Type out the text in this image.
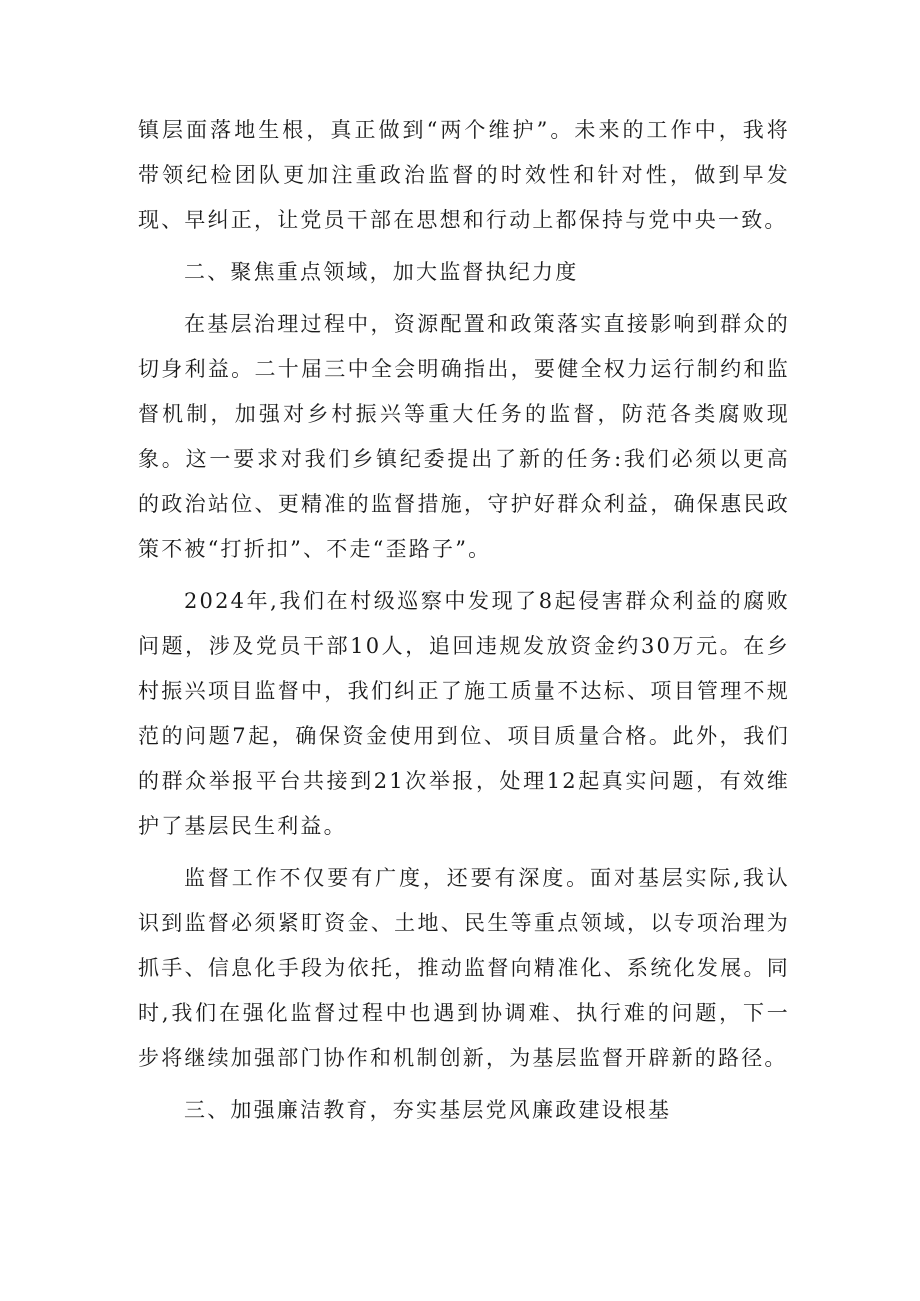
镇层面落地生根，真正做到“两个维护”。未来的工作中，我将带领纪检团队更加注重政治监督的时效性和针对性，做到早发现、早纠正，让党员干部在思想和行动上都保持与党中央一致。

二、聚焦重点领域，加大监督执纪力度

在基层治理过程中，资源配置和政策落实直接影响到群众的切身利益。二十届三中全会明确指出，要健全权力运行制约和监督机制，加强对乡村振兴等重大任务的监督，防范各类腐败现象。这一要求对我们乡镇纪委提出了新的任务:我们必须以更高的政治站位、更精准的监督措施，守护好群众利益，确保惠民政策不被“打折扣”、不走“歪路子”。

2024年,我们在村级巡察中发现了8起侵害群众利益的腐败问题，涉及党员干部10人，追回违规发放资金约30万元。在乡村振兴项目监督中，我们纠正了施工质量不达标、项目管理不规范的问题7起，确保资金使用到位、项目质量合格。此外，我们的群众举报平台共接到21次举报，处理12起真实问题，有效维护了基层民生利益。

监督工作不仅要有广度，还要有深度。面对基层实际,我认识到监督必须紧盯资金、土地、民生等重点领域，以专项治理为抓手、信息化手段为依托，推动监督向精准化、系统化发展。同时,我们在强化监督过程中也遇到协调难、执行难的问题，下一步将继续加强部门协作和机制创新，为基层监督开辟新的路径。

三、加强廉洁教育，夯实基层党风廉政建设根基
